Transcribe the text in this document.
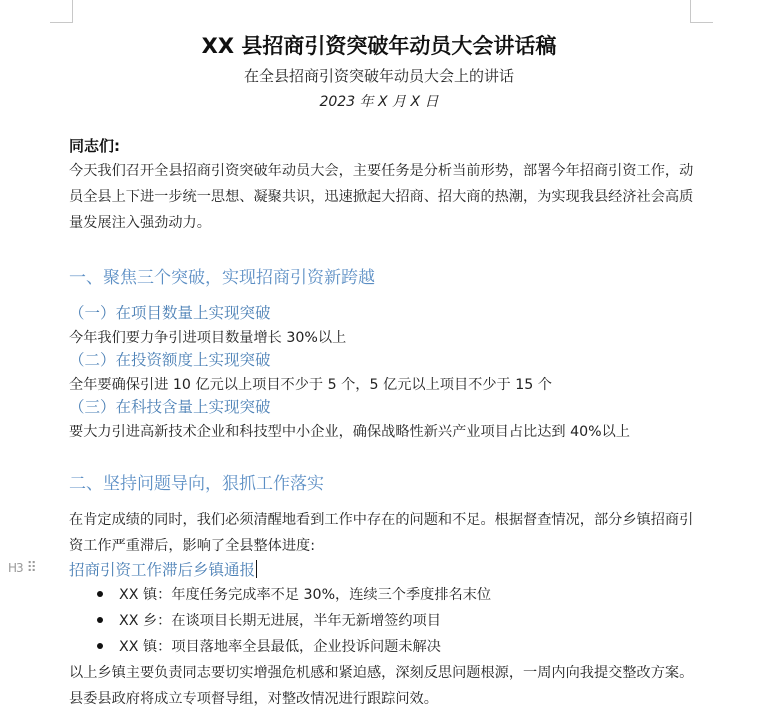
H3 ⠿
XX 县招商引资突破年动员大会讲话稿
在全县招商引资突破年动员大会上的讲话
2023 年 X 月 X 日
同志们:
今天我们召开全县招商引资突破年动员大会，主要任务是分析当前形势，部署今年招商引资工作，动员全县上下进一步统一思想、凝聚共识，迅速掀起大招商、招大商的热潮，为实现我县经济社会高质量发展注入强劲动力。
一、聚焦三个突破，实现招商引资新跨越
（一）在项目数量上实现突破
今年我们要力争引进项目数量增长 30%以上
（二）在投资额度上实现突破
全年要确保引进 10 亿元以上项目不少于 5 个，5 亿元以上项目不少于 15 个
（三）在科技含量上实现突破
要大力引进高新技术企业和科技型中小企业，确保战略性新兴产业项目占比达到 40%以上
二、坚持问题导向，狠抓工作落实
在肯定成绩的同时，我们必须清醒地看到工作中存在的问题和不足。根据督查情况，部分乡镇招商引资工作严重滞后，影响了全县整体进度:
招商引资工作滞后乡镇通报
XX 镇：年度任务完成率不足 30%，连续三个季度排名末位
XX 乡：在谈项目长期无进展，半年无新增签约项目
XX 镇：项目落地率全县最低，企业投诉问题未解决
以上乡镇主要负责同志要切实增强危机感和紧迫感，深刻反思问题根源，一周内向我提交整改方案。县委县政府将成立专项督导组，对整改情况进行跟踪问效。
